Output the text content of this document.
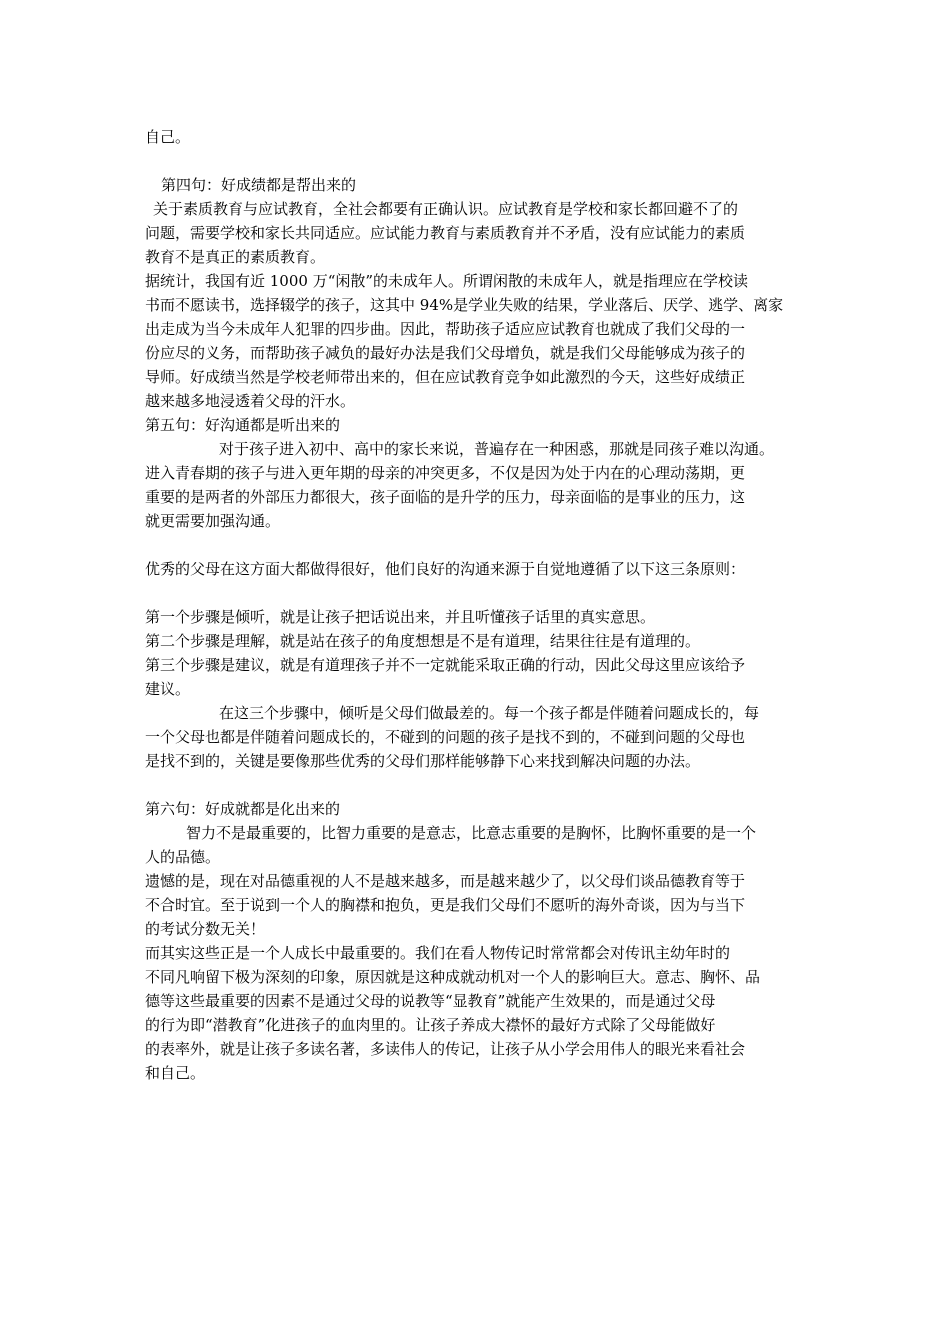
自己。
第四句：好成绩都是帮出来的
关于素质教育与应试教育，全社会都要有正确认识。应试教育是学校和家长都回避不了的
问题，需要学校和家长共同适应。应试能力教育与素质教育并不矛盾，没有应试能力的素质
教育不是真正的素质教育。
据统计，我国有近 1000 万“闲散”的未成年人。所谓闲散的未成年人，就是指理应在学校读
书而不愿读书，选择辍学的孩子，这其中 94%是学业失败的结果，学业落后、厌学、逃学、离家
出走成为当今未成年人犯罪的四步曲。因此，帮助孩子适应应试教育也就成了我们父母的一
份应尽的义务，而帮助孩子减负的最好办法是我们父母增负，就是我们父母能够成为孩子的
导师。好成绩当然是学校老师带出来的，但在应试教育竞争如此激烈的今天，这些好成绩正
越来越多地浸透着父母的汗水。
第五句：好沟通都是听出来的
对于孩子进入初中、高中的家长来说，普遍存在一种困惑，那就是同孩子难以沟通。
进入青春期的孩子与进入更年期的母亲的冲突更多，不仅是因为处于内在的心理动荡期，更
重要的是两者的外部压力都很大，孩子面临的是升学的压力，母亲面临的是事业的压力，这
就更需要加强沟通。
优秀的父母在这方面大都做得很好，他们良好的沟通来源于自觉地遵循了以下这三条原则：
第一个步骤是倾听，就是让孩子把话说出来，并且听懂孩子话里的真实意思。
第二个步骤是理解，就是站在孩子的角度想想是不是有道理，结果往往是有道理的。
第三个步骤是建议，就是有道理孩子并不一定就能采取正确的行动，因此父母这里应该给予
建议。
在这三个步骤中，倾听是父母们做最差的。每一个孩子都是伴随着问题成长的，每
一个父母也都是伴随着问题成长的，不碰到的问题的孩子是找不到的，不碰到问题的父母也
是找不到的，关键是要像那些优秀的父母们那样能够静下心来找到解决问题的办法。
第六句：好成就都是化出来的
智力不是最重要的，比智力重要的是意志，比意志重要的是胸怀，比胸怀重要的是一个
人的品德。
遗憾的是，现在对品德重视的人不是越来越多，而是越来越少了，以父母们谈品德教育等于
不合时宜。至于说到一个人的胸襟和抱负，更是我们父母们不愿听的海外奇谈，因为与当下
的考试分数无关！
而其实这些正是一个人成长中最重要的。我们在看人物传记时常常都会对传讯主幼年时的
不同凡响留下极为深刻的印象，原因就是这种成就动机对一个人的影响巨大。意志、胸怀、品
德等这些最重要的因素不是通过父母的说教等“显教育”就能产生效果的，而是通过父母
的行为即“潜教育”化进孩子的血肉里的。让孩子养成大襟怀的最好方式除了父母能做好
的表率外，就是让孩子多读名著，多读伟人的传记，让孩子从小学会用伟人的眼光来看社会
和自己。
